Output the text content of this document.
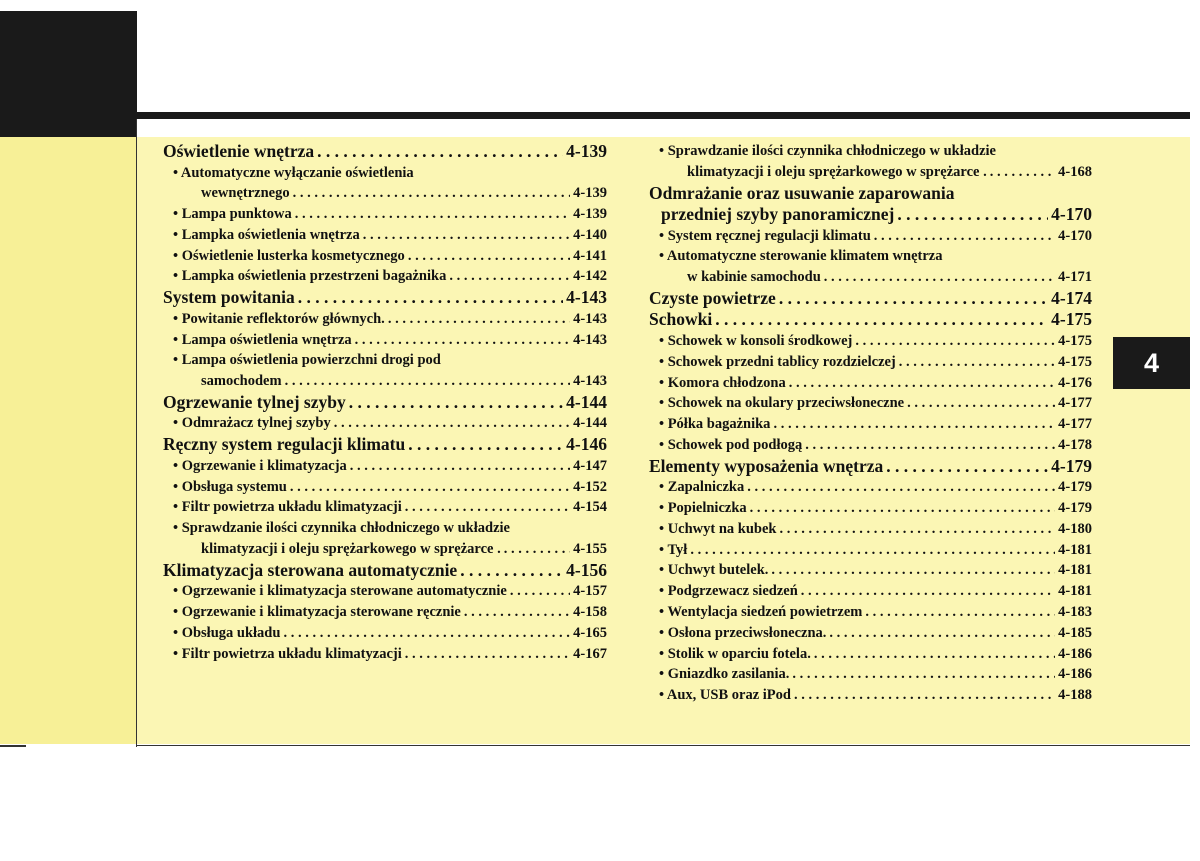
4
Oświetlenie wnętrza . . .	4-139
• Automatyczne wyłączanie oświetlenia
wewnętrznego . . .	4-139
• Lampa punktowa . . .	4-139
• Lampka oświetlenia wnętrza . . .	4-140
• Oświetlenie lusterka kosmetycznego . . .	4-141
• Lampka oświetlenia przestrzeni bagażnika . . .	4-142
System powitania . . .	4-143
• Powitanie reflektorów głównych. . . .	4-143
• Lampa oświetlenia wnętrza . . .	4-143
• Lampa oświetlenia powierzchni drogi pod
samochodem . . .	4-143
Ogrzewanie tylnej szyby . . .	4-144
• Odmrażacz tylnej szyby . . .	4-144
Ręczny system regulacji klimatu . . .	4-146
• Ogrzewanie i klimatyzacja . . .	4-147
• Obsługa systemu . . .	4-152
• Filtr powietrza układu klimatyzacji . . .	4-154
• Sprawdzanie ilości czynnika chłodniczego w układzie
klimatyzacji i oleju sprężarkowego w sprężarce . . . .	4-155
Klimatyzacja sterowana automatycznie . . .	4-156
• Ogrzewanie i klimatyzacja sterowane automatycznie . . .	4-157
• Ogrzewanie i klimatyzacja sterowane ręcznie . . .	4-158
• Obsługa układu . . .	4-165
• Filtr powietrza układu klimatyzacji . . .	4-167
• Sprawdzanie ilości czynnika chłodniczego w układzie
klimatyzacji i oleju sprężarkowego w sprężarce . . . .	4-168
Odmrażanie oraz usuwanie zaparowania
przedniej szyby panoramicznej . . .	4-170
• System ręcznej regulacji klimatu . . .	4-170
• Automatyczne sterowanie klimatem wnętrza
w kabinie samochodu . . .	4-171
Czyste powietrze . . .	4-174
Schowki . . .	4-175
• Schowek w konsoli środkowej . . .	4-175
• Schowek przedni tablicy rozdzielczej . . .	4-175
• Komora chłodzona . . .	4-176
• Schowek na okulary przeciwsłoneczne . . .	4-177
• Półka bagażnika . . .	4-177
• Schowek pod podłogą . . .	4-178
Elementy wyposażenia wnętrza . . .	4-179
• Zapalniczka . . .	4-179
• Popielniczka . . .	4-179
• Uchwyt na kubek . . .	4-180
• Tył . . .	4-181
• Uchwyt butelek. . . .	4-181
• Podgrzewacz siedzeń . . .	4-181
• Wentylacja siedzeń powietrzem . . .	4-183
• Osłona przeciwsłoneczna. . . .	4-185
• Stolik w oparciu fotela. . . .	4-186
• Gniazdko zasilania. . . .	4-186
• Aux, USB oraz iPod . . .	4-188
